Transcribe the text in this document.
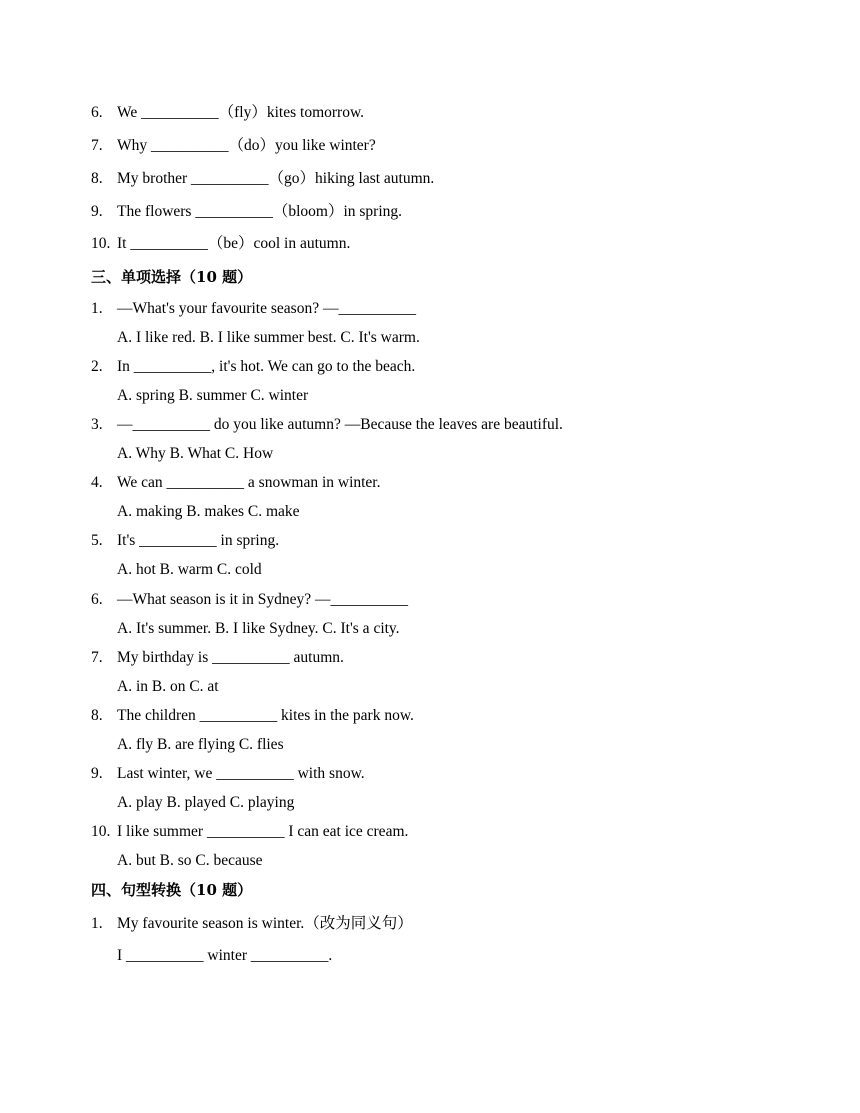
6. We __________（fly）kites tomorrow.
7. Why __________（do）you like winter?
8. My brother __________（go）hiking last autumn.
9. The flowers __________（bloom）in spring.
10. It __________（be）cool in autumn.
三、单项选择（10 题）
1. —What's your favourite season? —__________
A. I like red. B. I like summer best. C. It's warm.
2. In __________, it's hot. We can go to the beach.
A. spring B. summer C. winter
3. —__________ do you like autumn? —Because the leaves are beautiful.
A. Why B. What C. How
4. We can __________ a snowman in winter.
A. making B. makes C. make
5. It's __________ in spring.
A. hot B. warm C. cold
6. —What season is it in Sydney? —__________
A. It's summer. B. I like Sydney. C. It's a city.
7. My birthday is __________ autumn.
A. in B. on C. at
8. The children __________ kites in the park now.
A. fly B. are flying C. flies
9. Last winter, we __________ with snow.
A. play B. played C. playing
10. I like summer __________ I can eat ice cream.
A. but B. so C. because
四、句型转换（10 题）
1. My favourite season is winter.（改为同义句）
I __________ winter __________.
